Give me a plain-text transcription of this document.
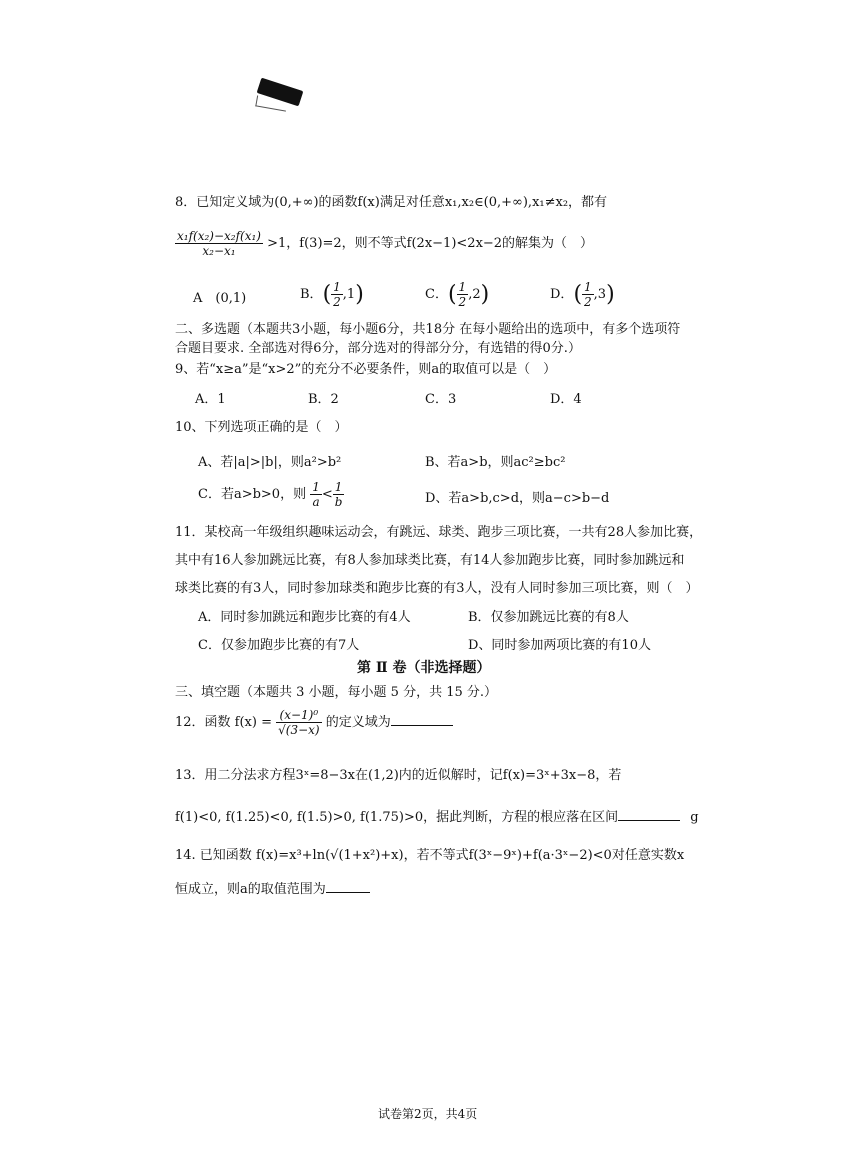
8．已知定义域为(0,+∞)的函数f(x)满足对任意x₁,x₂∈(0,+∞),x₁≠x₂，都有
$\frac{\text{x₁f(x₂)−x₂f(x₁)}}{\text{x₂−x₁}} >1$，f(3)=2，则不等式f(2x−1)<2x−2的解集为（　）
A　(0,1)	B．( $\frac{1}{2} ,1$)	C．( $\frac{1}{2} ,2$)	D．( $\frac{1}{2} ,3$)
二、多选题（本题共3小题，每小题6分，共18分 在每小题给出的选项中，有多个选项符
合题目要求. 全部选对得6分，部分选对的得部分分，有选错的得0分.）
9、若“x≥a”是“x>2”的充分不必要条件，则a的取值可以是（　）
A．1	B．2	C．3	D．4
10、下列选项正确的是（　）
A、若|a|>|b|，则a²>b²	B、若a>b，则ac²≥bc²
C．若a>b>0，则 $\frac{1}{a} < \frac{1}{b}$	D、若a>b,c>d，则a−c>b−d
11．某校高一年级组织趣味运动会，有跳远、球类、跑步三项比赛，一共有28人参加比赛，
其中有16人参加跳远比赛，有8人参加球类比赛，有14人参加跑步比赛，同时参加跳远和
球类比赛的有3人，同时参加球类和跑步比赛的有3人，没有人同时参加三项比赛，则（　）
A．同时参加跳远和跑步比赛的有4人	B．仅参加跳远比赛的有8人
C．仅参加跑步比赛的有7人	D、同时参加两项比赛的有10人
第 Ⅱ 卷（非选择题）
三、填空题（本题共 3 小题，每小题 5 分，共 15 分.）
12．函数 $f(x) = \frac{\text{(x−1)⁰}}{√(3-x)}$ 的定义域为
13．用二分法求方程3ˣ=8−3x在(1,2)内的近似解时，记f(x)=3ˣ+3x−8，若
f(1)<0, f(1.25)<0, f(1.5)>0, f(1.75)>0，据此判断，方程的根应落在区间	g
14. 已知函数 f(x)=x³+ln(√(1+x²)+x)，若不等式f(3ˣ−9ˣ)+f(a·3ˣ−2)<0对任意实数x
恒成立，则a的取值范围为
试卷第2页，共4页
